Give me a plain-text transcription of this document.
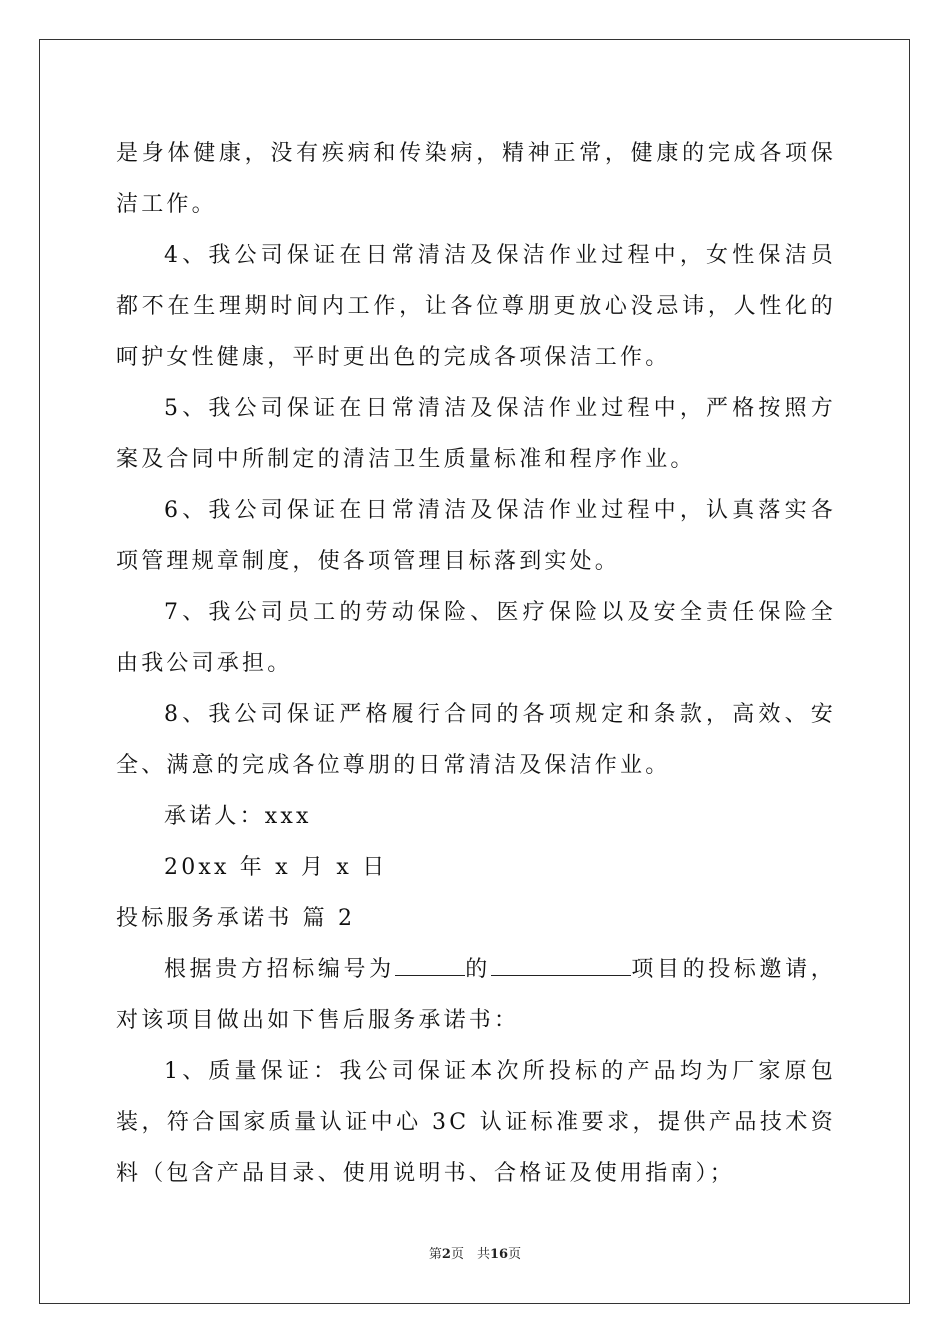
是身体健康，没有疾病和传染病，精神正常，健康的完成各项保洁工作。

4、我公司保证在日常清洁及保洁作业过程中，女性保洁员都不在生理期时间内工作，让各位尊朋更放心没忌讳，人性化的呵护女性健康，平时更出色的完成各项保洁工作。

5、我公司保证在日常清洁及保洁作业过程中，严格按照方案及合同中所制定的清洁卫生质量标准和程序作业。

6、我公司保证在日常清洁及保洁作业过程中，认真落实各项管理规章制度，使各项管理目标落到实处。

7、我公司员工的劳动保险、医疗保险以及安全责任保险全由我公司承担。

8、我公司保证严格履行合同的各项规定和条款，高效、安全、满意的完成各位尊朋的日常清洁及保洁作业。

承诺人：xxx

20xx 年 x 月 x 日

投标服务承诺书 篇 2

根据贵方招标编号为	的	项目的投标邀请，对该项目做出如下售后服务承诺书：

1、质量保证：我公司保证本次所投标的产品均为厂家原包装，符合国家质量认证中心 3C 认证标准要求，提供产品技术资料（包含产品目录、使用说明书、合格证及使用指南）；

第2页　共16页
